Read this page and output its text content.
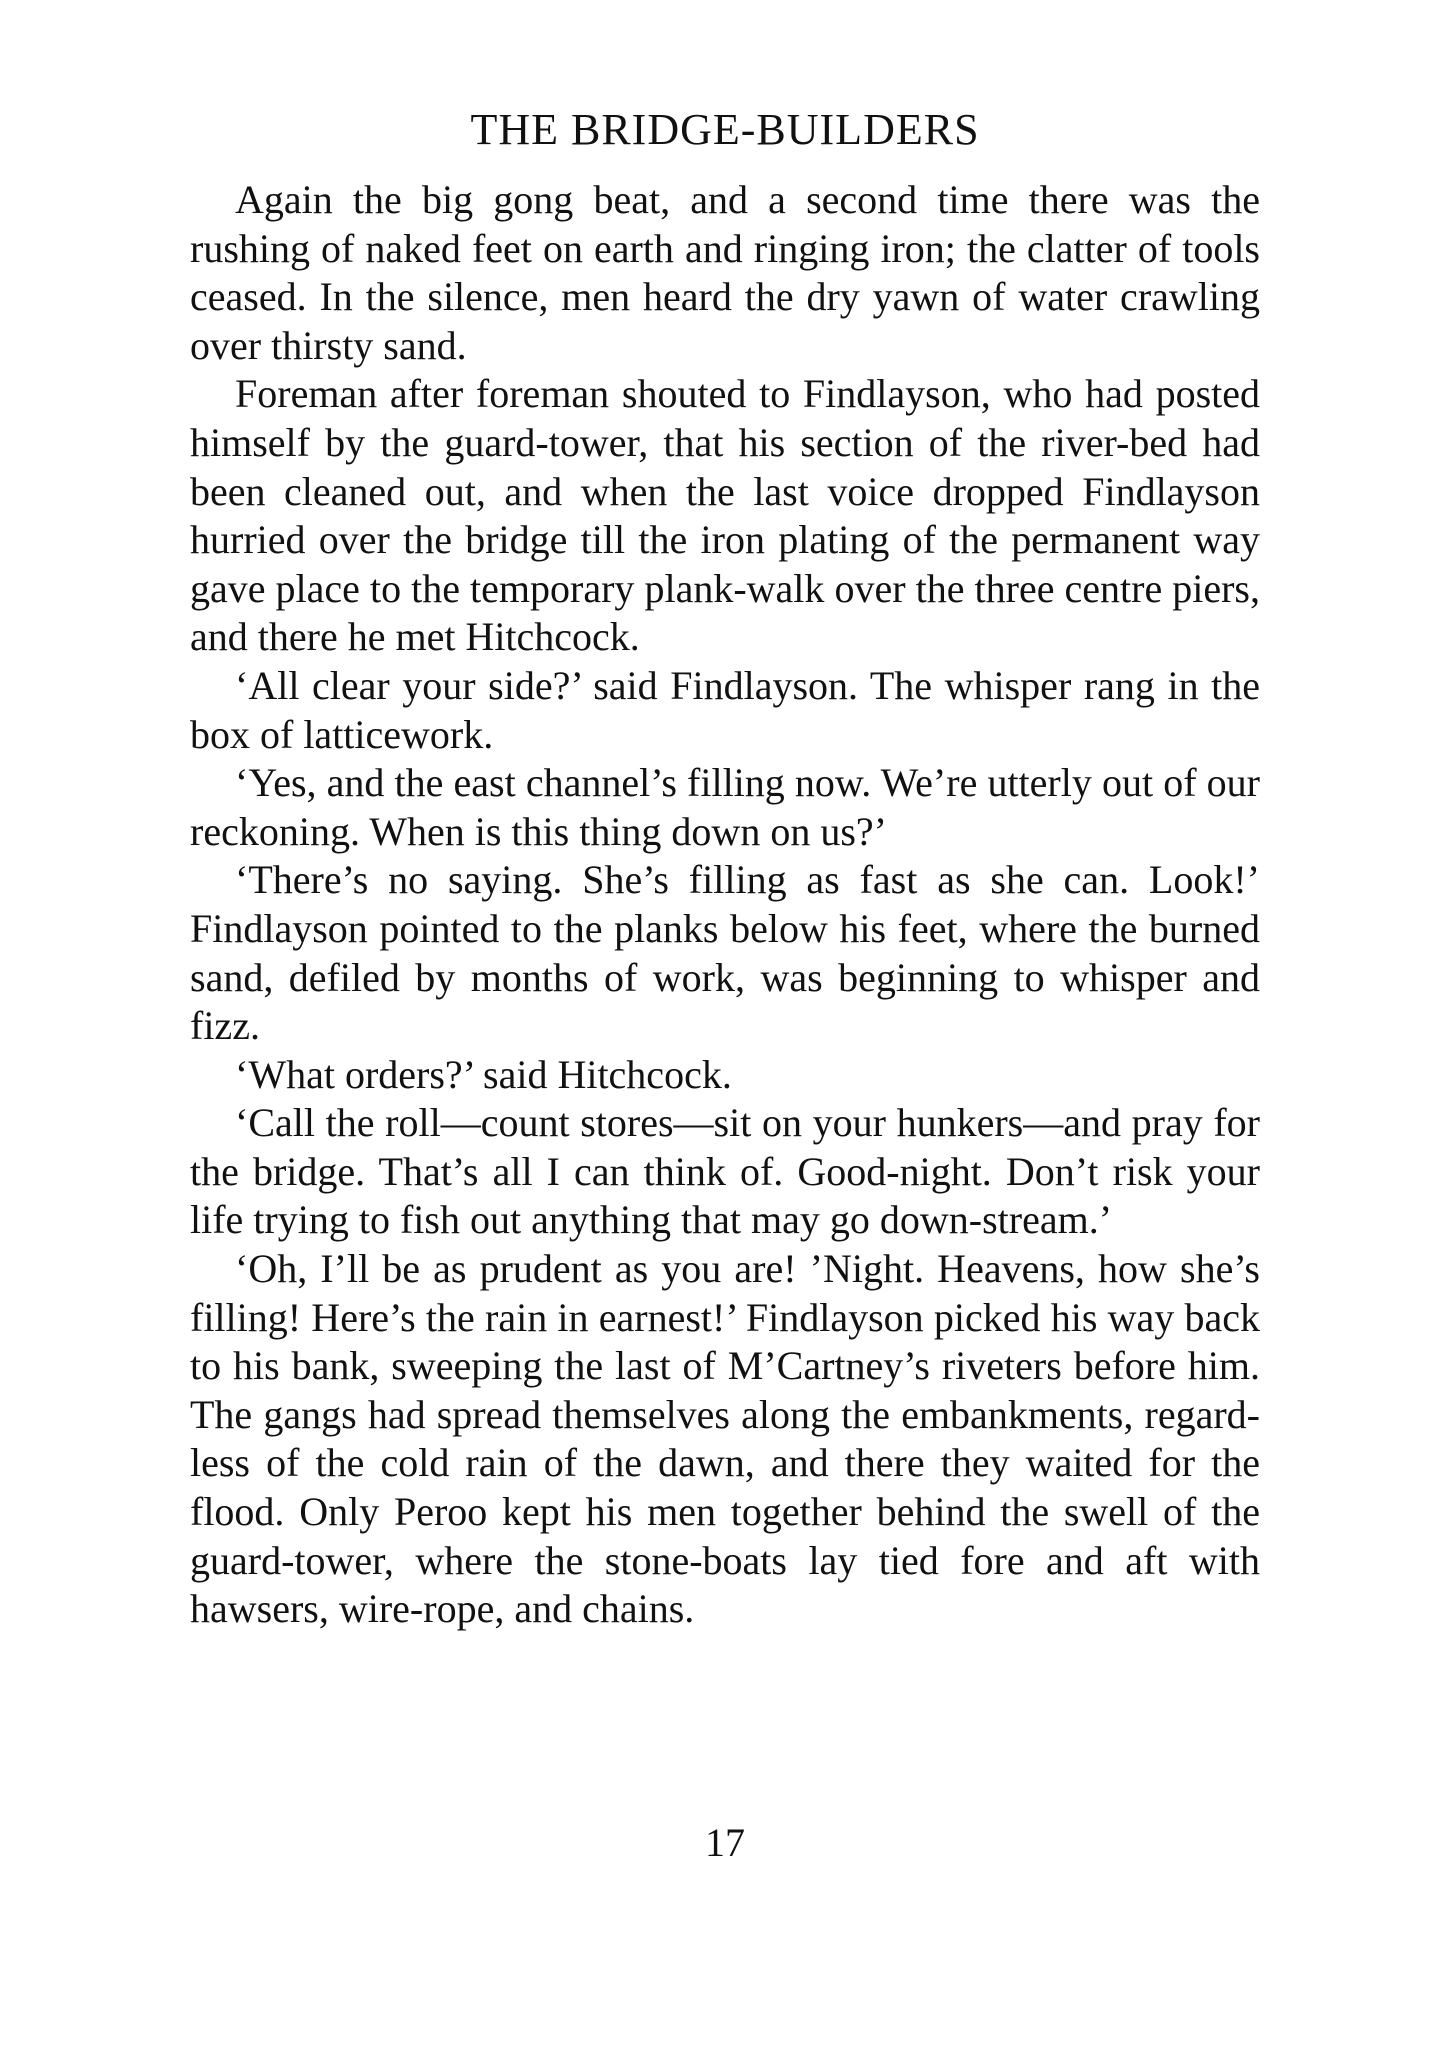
THE BRIDGE-BUILDERS

Again the big gong beat, and a second time there was the rushing of naked feet on earth and ringing iron; the clatter of tools ceased. In the silence, men heard the dry yawn of water crawling over thirsty sand.

Foreman after foreman shouted to Findlayson, who had posted himself by the guard-tower, that his section of the river-bed had been cleaned out, and when the last voice dropped Findlayson hurried over the bridge till the iron plating of the permanent way gave place to the temporary plank-walk over the three centre piers, and there he met Hitchcock.

‘All clear your side?’ said Findlayson. The whisper rang in the box of latticework.

‘Yes, and the east channel’s filling now. We’re utterly out of our reckoning. When is this thing down on us?’

‘There’s no saying. She’s filling as fast as she can. Look!’ Findlayson pointed to the planks below his feet, where the burned sand, defiled by months of work, was beginning to whisper and fizz.

‘What orders?’ said Hitchcock.

‘Call the roll—count stores—sit on your hunkers—and pray for the bridge. That’s all I can think of. Good-night. Don’t risk your life trying to fish out anything that may go down-stream.’

‘Oh, I’ll be as prudent as you are! ’Night. Heavens, how she’s filling! Here’s the rain in earnest!’ Findlayson picked his way back to his bank, sweeping the last of M’Cartney’s riveters before him. The gangs had spread themselves along the embankments, regardless of the cold rain of the dawn, and there they waited for the flood. Only Peroo kept his men together behind the swell of the guard-tower, where the stone-boats lay tied fore and aft with hawsers, wire-rope, and chains.

17
